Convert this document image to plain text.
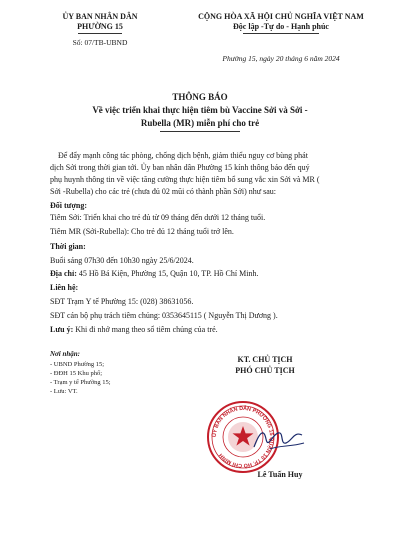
ỦY BAN NHÂN DÂN
PHƯỜNG 15
Số: 07/TB-UBND
CỘNG HÒA XÃ HỘI CHỦ NGHĨA VIỆT NAM
Độc lập -Tự do - Hạnh phúc
Phường 15, ngày 20 tháng 6 năm 2024
THÔNG BÁO
Về việc triển khai thực hiện tiêm bù Vaccine Sởi và Sởi -
Rubella (MR) miễn phí cho trẻ
Để đẩy mạnh công tác phòng, chống dịch bệnh, giảm thiểu nguy cơ bùng phát
dịch Sởi trong thời gian tới. Ủy ban nhân dân Phường 15 kính thông báo đến quý
phụ huynh thông tin về việc tăng cường thực hiện tiêm bổ sung vắc xin Sởi và MR (
Sởi -Rubella) cho các trẻ (chưa đủ 02 mũi có thành phần Sởi) như sau:
Đối tượng:
Tiêm Sởi: Triển khai cho trẻ đủ từ 09 tháng đến dưới 12 tháng tuổi.
Tiêm MR (Sởi-Rubella): Cho trẻ đủ 12 tháng tuổi trở lên.
Thời gian:
Buổi sáng 07h30 đến 10h30 ngày 25/6/2024.
Địa chỉ: 45 Hồ Bá Kiện, Phường 15, Quận 10, TP. Hồ Chí Minh.
Liên hệ:
SĐT Trạm Y tế Phường 15: (028) 38631056.
SĐT cán bộ phụ trách tiêm chủng: 0353645115 ( Nguyễn Thị Dương ).
Lưu ý: Khi đi nhớ mang theo sổ tiêm chủng của trẻ.
Nơi nhận:
- UBND Phường 15;
- ĐĐH 15 Khu phố;
- Trạm y tế Phường 15;
- Lưu: VT.
KT. CHỦ TỊCH
PHÓ CHỦ TỊCH
ỦY BAN NHÂN DÂN PHƯỜNG 15 QUẬN 10 TP. HỒ CHÍ MINH
Lê Tuấn Huy
